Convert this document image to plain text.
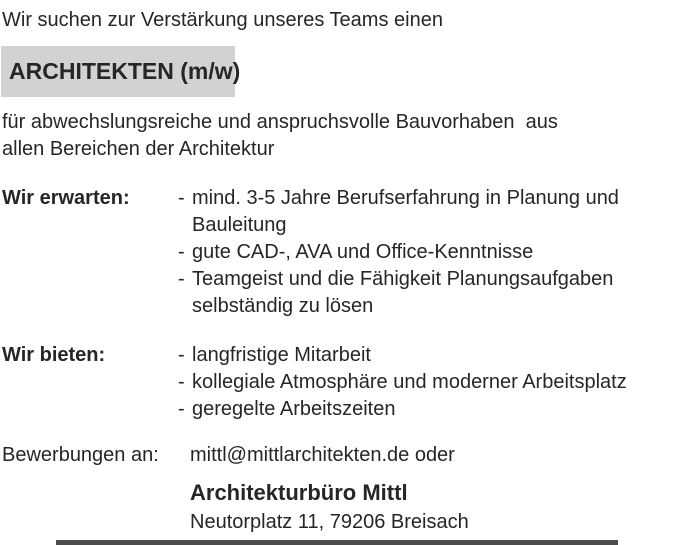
Wir suchen zur Verstärkung unseres Teams einen
ARCHITEKTEN (m/w)
für abwechslungsreiche und anspruchsvolle Bauvorhaben  aus
allen Bereichen der Architektur
Wir erwarten: - mind. 3-5 Jahre Berufserfahrung in Planung und Bauleitung
- gute CAD-, AVA und Office-Kenntnisse
- Teamgeist und die Fähigkeit Planungsaufgaben selbständig zu lösen
Wir bieten:	- langfristige Mitarbeit
- kollegiale Atmosphäre und moderner Arbeitsplatz
- geregelte Arbeitszeiten
Bewerbungen an: mittl@mittlarchitekten.de oder
Architekturbüro Mittl
Neutorplatz 11, 79206 Breisach
